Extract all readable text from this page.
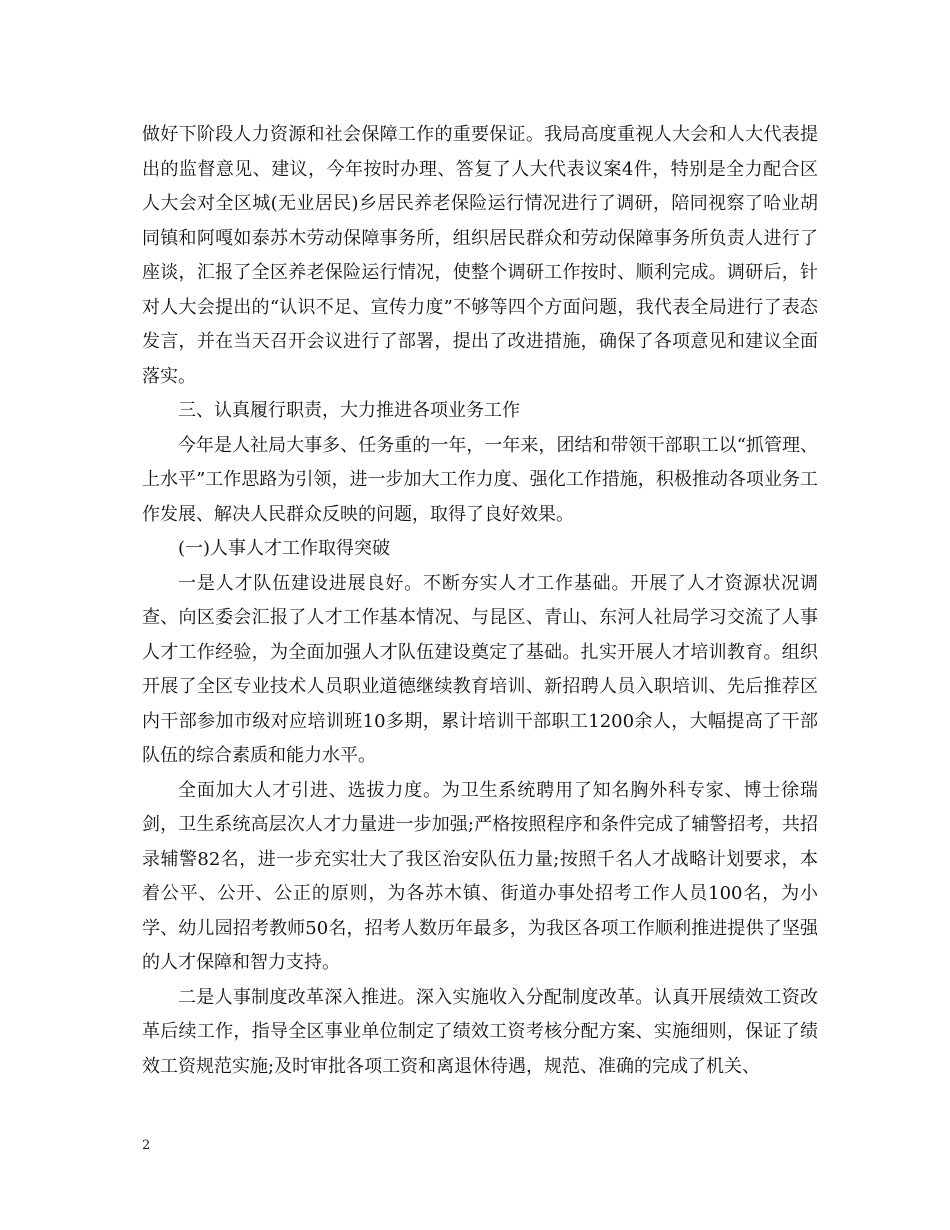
做好下阶段人力资源和社会保障工作的重要保证。我局高度重视人大会和人大代表提出的监督意见、建议，今年按时办理、答复了人大代表议案4件，特别是全力配合区人大会对全区城(无业居民)乡居民养老保险运行情况进行了调研，陪同视察了哈业胡同镇和阿嘎如泰苏木劳动保障事务所，组织居民群众和劳动保障事务所负责人进行了座谈，汇报了全区养老保险运行情况，使整个调研工作按时、顺利完成。调研后，针对人大会提出的“认识不足、宣传力度”不够等四个方面问题，我代表全局进行了表态发言，并在当天召开会议进行了部署，提出了改进措施，确保了各项意见和建议全面落实。

三、认真履行职责，大力推进各项业务工作

今年是人社局大事多、任务重的一年，一年来，团结和带领干部职工以“抓管理、上水平”工作思路为引领，进一步加大工作力度、强化工作措施，积极推动各项业务工作发展、解决人民群众反映的问题，取得了良好效果。

(一)人事人才工作取得突破

一是人才队伍建设进展良好。不断夯实人才工作基础。开展了人才资源状况调查、向区委会汇报了人才工作基本情况、与昆区、青山、东河人社局学习交流了人事人才工作经验，为全面加强人才队伍建设奠定了基础。扎实开展人才培训教育。组织开展了全区专业技术人员职业道德继续教育培训、新招聘人员入职培训、先后推荐区内干部参加市级对应培训班10多期，累计培训干部职工1200余人，大幅提高了干部队伍的综合素质和能力水平。

全面加大人才引进、选拔力度。为卫生系统聘用了知名胸外科专家、博士徐瑞剑，卫生系统高层次人才力量进一步加强;严格按照程序和条件完成了辅警招考，共招录辅警82名，进一步充实壮大了我区治安队伍力量;按照千名人才战略计划要求，本着公平、公开、公正的原则，为各苏木镇、街道办事处招考工作人员100名，为小学、幼儿园招考教师50名，招考人数历年最多，为我区各项工作顺利推进提供了坚强的人才保障和智力支持。

二是人事制度改革深入推进。深入实施收入分配制度改革。认真开展绩效工资改革后续工作，指导全区事业单位制定了绩效工资考核分配方案、实施细则，保证了绩效工资规范实施;及时审批各项工资和离退休待遇，规范、准确的完成了机关、

2
